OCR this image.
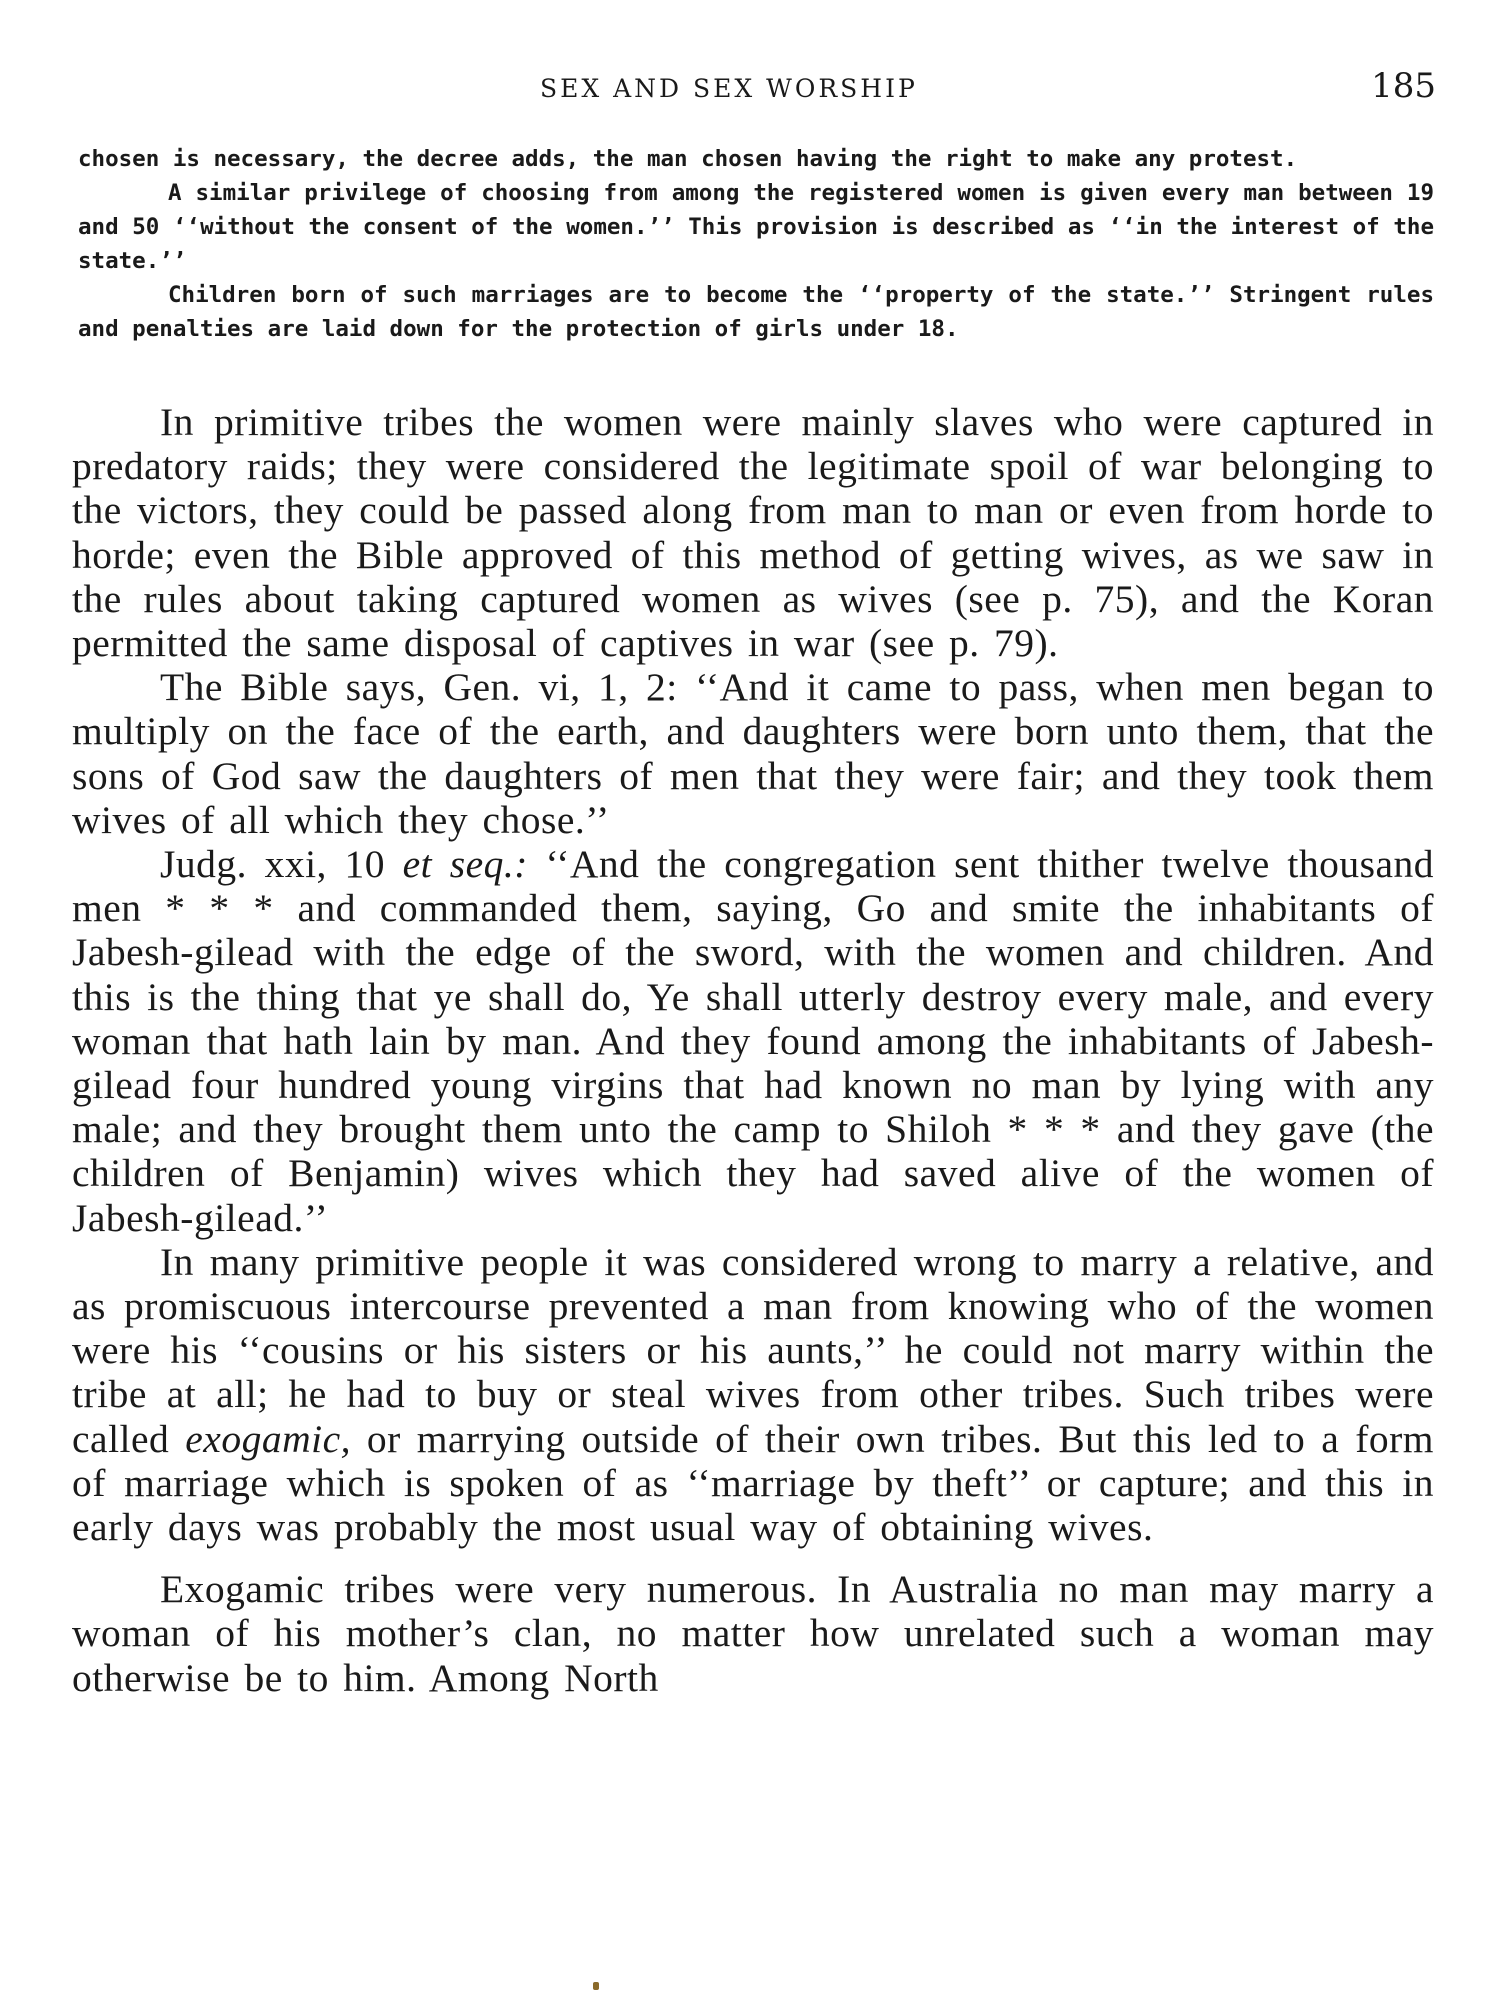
SEX AND SEX WORSHIP	185

chosen is necessary, the decree adds, the man chosen having the right to make any protest.

A similar privilege of choosing from among the registered women is given every man between 19 and 50 ‘‘without the consent of the women.’’ This provision is described as ‘‘in the interest of the state.’’

Children born of such marriages are to become the ‘‘property of the state.’’ Stringent rules and penalties are laid down for the protection of girls under 18.

In primitive tribes the women were mainly slaves who were captured in predatory raids; they were considered the legitimate spoil of war belonging to the victors, they could be passed along from man to man or even from horde to horde; even the Bible approved of this method of getting wives, as we saw in the rules about taking captured women as wives (see p. 75), and the Koran permitted the same disposal of captives in war (see p. 79).

The Bible says, Gen. vi, 1, 2: ‘‘And it came to pass, when men began to multiply on the face of the earth, and daughters were born unto them, that the sons of God saw the daughters of men that they were fair; and they took them wives of all which they chose.’’

Judg. xxi, 10 et seq.: ‘‘And the congregation sent thither twelve thousand men * * * and commanded them, saying, Go and smite the inhabitants of Jabesh-gilead with the edge of the sword, with the women and children. And this is the thing that ye shall do, Ye shall utterly destroy every male, and every woman that hath lain by man. And they found among the inhabitants of Jabesh-gilead four hundred young virgins that had known no man by lying with any male; and they brought them unto the camp to Shiloh * * * and they gave (the children of Benjamin) wives which they had saved alive of the women of Jabesh-gilead.’’

In many primitive people it was considered wrong to marry a relative, and as promiscuous intercourse prevented a man from knowing who of the women were his ‘‘cousins or his sisters or his aunts,’’ he could not marry within the tribe at all; he had to buy or steal wives from other tribes. Such tribes were called exogamic, or marrying outside of their own tribes. But this led to a form of marriage which is spoken of as ‘‘marriage by theft’’ or capture; and this in early days was probably the most usual way of obtaining wives.

Exogamic tribes were very numerous. In Australia no man may marry a woman of his mother’s clan, no matter how unrelated such a woman may otherwise be to him. Among North
